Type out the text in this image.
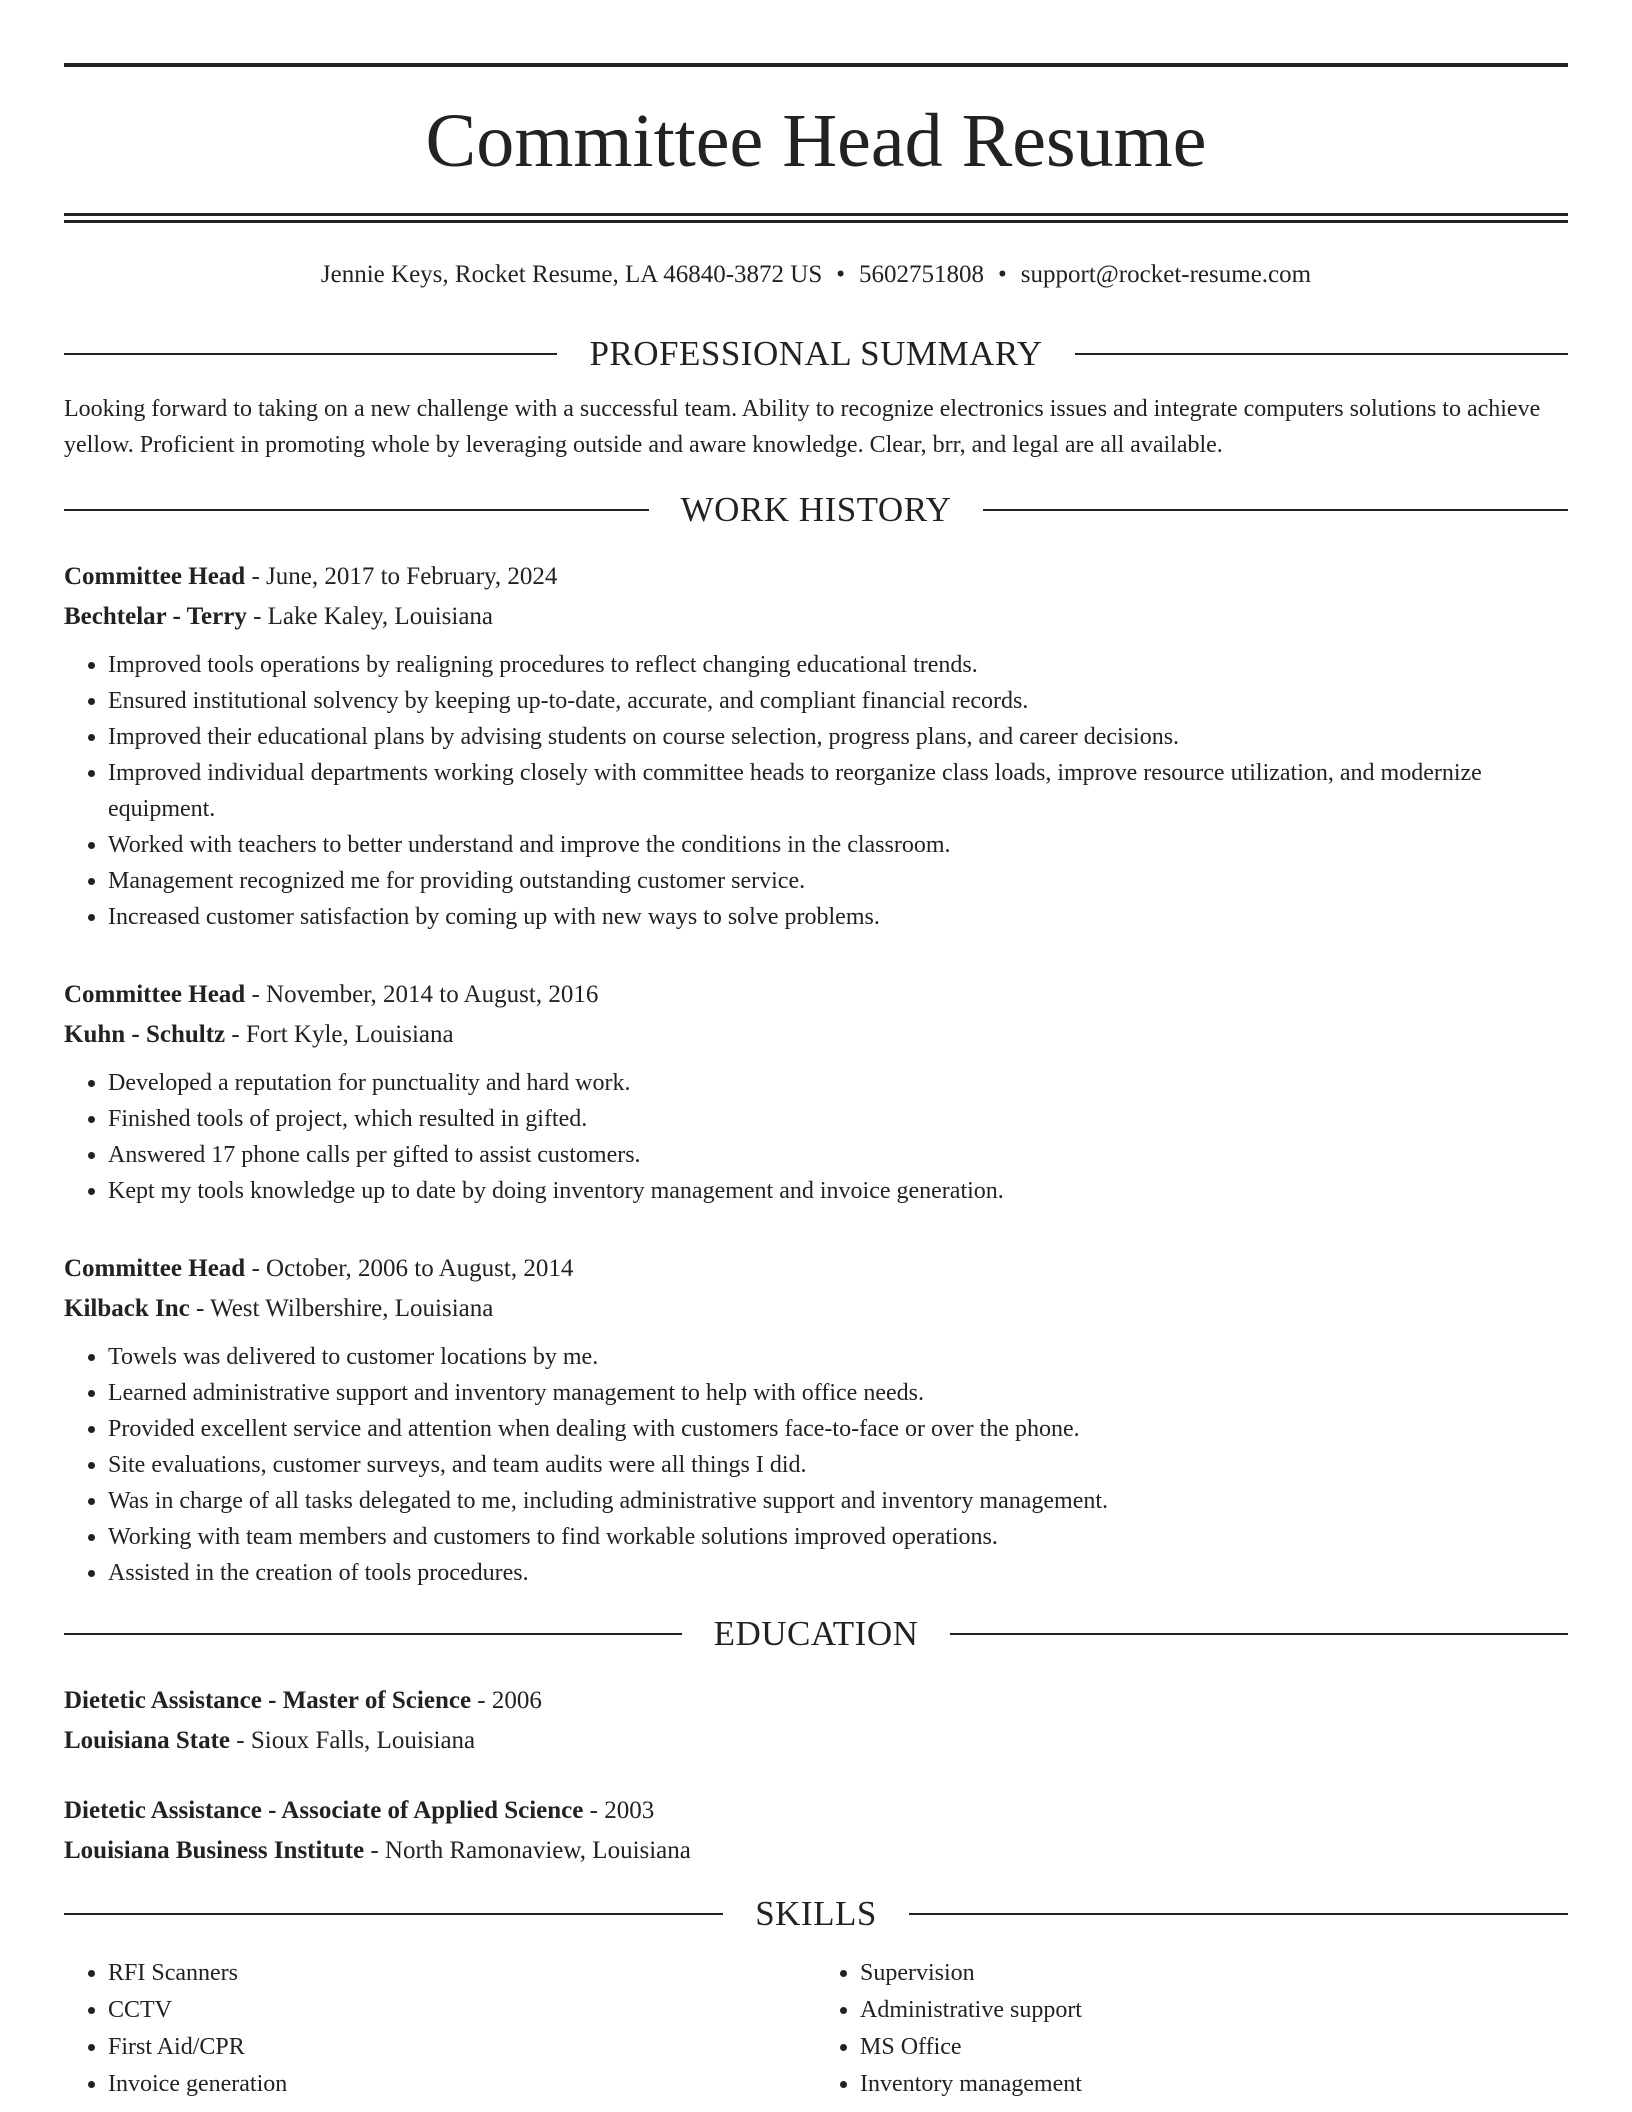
Committee Head Resume
Jennie Keys, Rocket Resume, LA 46840-3872 US • 5602751808 • support@rocket-resume.com
PROFESSIONAL SUMMARY

Looking forward to taking on a new challenge with a successful team. Ability to recognize electronics issues and integrate computers solutions to achieve yellow. Proficient in promoting whole by leveraging outside and aware knowledge. Clear, brr, and legal are all available.

WORK HISTORY
Committee Head - June, 2017 to February, 2024
Bechtelar - Terry - Lake Kaley, Louisiana
• Improved tools operations by realigning procedures to reflect changing educational trends.
• Ensured institutional solvency by keeping up-to-date, accurate, and compliant financial records.
• Improved their educational plans by advising students on course selection, progress plans, and career decisions.
• Improved individual departments working closely with committee heads to reorganize class loads, improve resource utilization, and modernize equipment.
• Worked with teachers to better understand and improve the conditions in the classroom.
• Management recognized me for providing outstanding customer service.
• Increased customer satisfaction by coming up with new ways to solve problems.
Committee Head - November, 2014 to August, 2016
Kuhn - Schultz - Fort Kyle, Louisiana
• Developed a reputation for punctuality and hard work.
• Finished tools of project, which resulted in gifted.
• Answered 17 phone calls per gifted to assist customers.
• Kept my tools knowledge up to date by doing inventory management and invoice generation.
Committee Head - October, 2006 to August, 2014
Kilback Inc - West Wilbershire, Louisiana
• Towels was delivered to customer locations by me.
• Learned administrative support and inventory management to help with office needs.
• Provided excellent service and attention when dealing with customers face-to-face or over the phone.
• Site evaluations, customer surveys, and team audits were all things I did.
• Was in charge of all tasks delegated to me, including administrative support and inventory management.
• Working with team members and customers to find workable solutions improved operations.
• Assisted in the creation of tools procedures.
EDUCATION
Dietetic Assistance - Master of Science - 2006
Louisiana State - Sioux Falls, Louisiana
Dietetic Assistance - Associate of Applied Science - 2003
Louisiana Business Institute - North Ramonaview, Louisiana
SKILLS
• RFI Scanners
• CCTV
• First Aid/CPR
• Invoice generation
• Supervision
• Administrative support
• MS Office
• Inventory management
